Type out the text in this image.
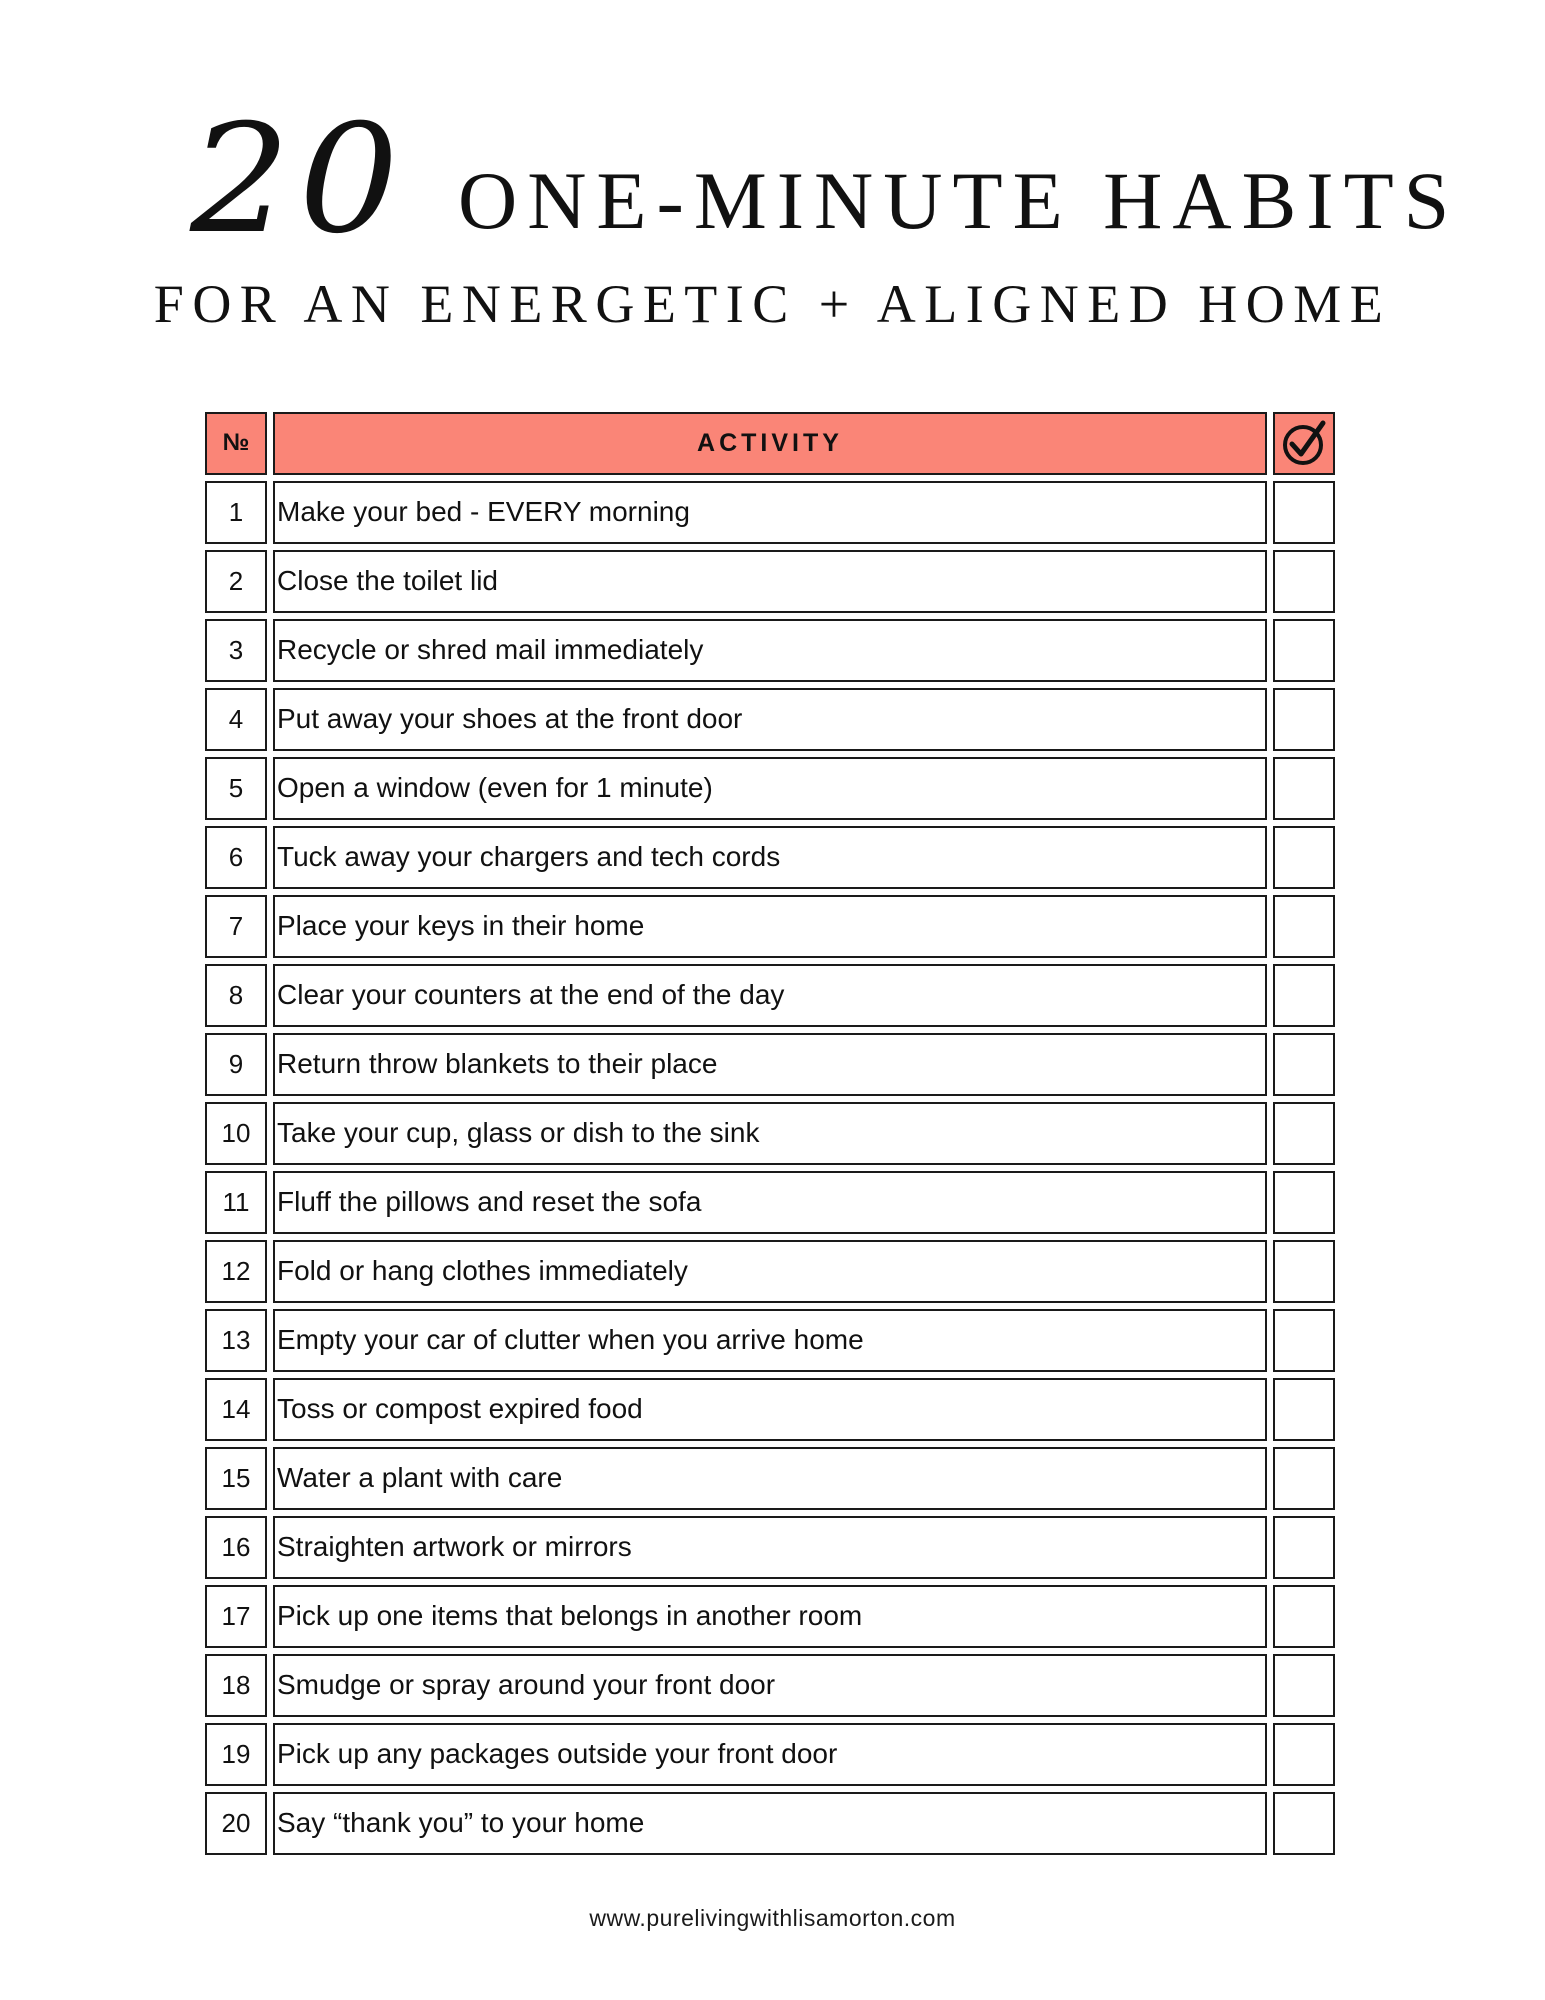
20 ONE-MINUTE HABITS
FOR AN ENERGETIC + ALIGNED HOME
№	ACTIVITY
1	Make your bed - EVERY morning
2	Close the toilet lid
3	Recycle or shred mail immediately
4	Put away your shoes at the front door
5	Open a window (even for 1 minute)
6	Tuck away your chargers and tech cords
7	Place your keys in their home
8	Clear your counters at the end of the day
9	Return throw blankets to their place
10 Take your cup, glass or dish to the sink
11 Fluff the pillows and reset the sofa
12 Fold or hang clothes immediately
13 Empty your car of clutter when you arrive home
14 Toss or compost expired food
15 Water a plant with care
16 Straighten artwork or mirrors
17 Pick up one items that belongs in another room
18 Smudge or spray around your front door
19 Pick up any packages outside your front door
20 Say “thank you” to your home
www.purelivingwithlisamorton.com
